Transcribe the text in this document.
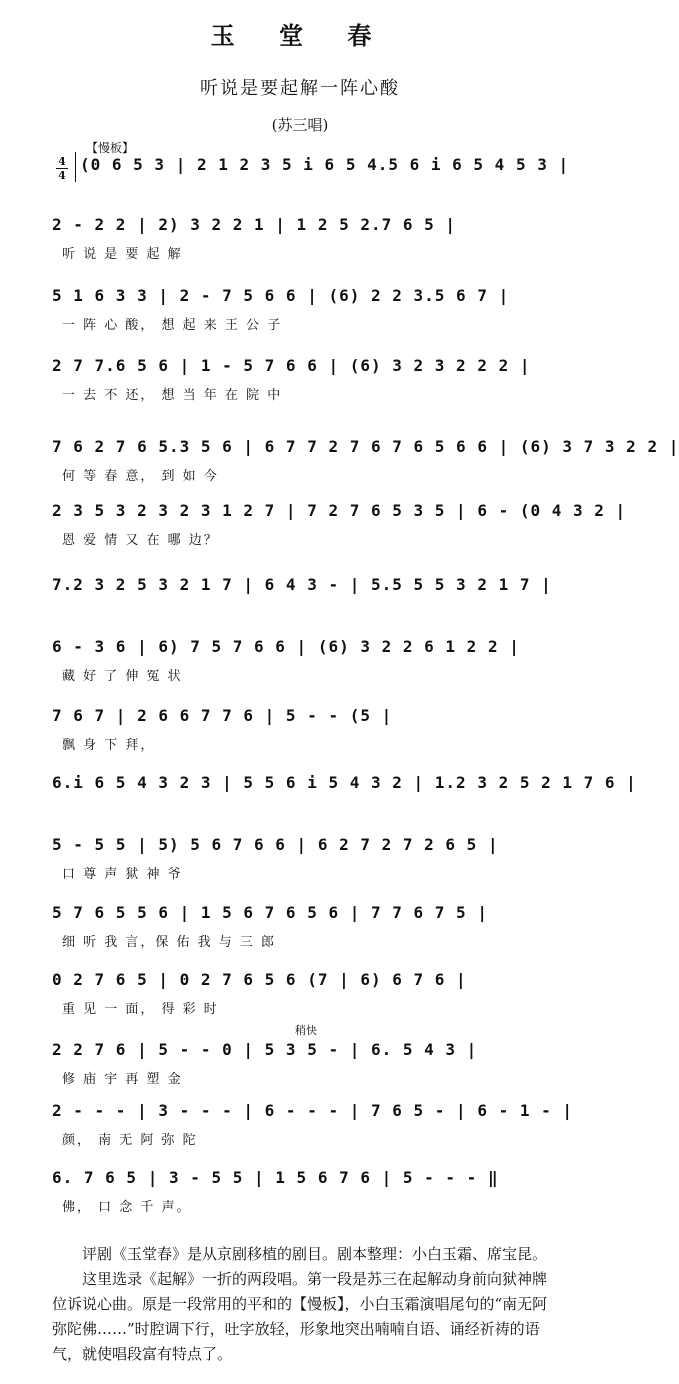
玉 堂 春
听说是要起解一阵心酸
(苏三唱)
【慢板】
4
4
(0 6 5 3 | 2 1 2 3 5 i 6 5 4.5 6 i 6 5 4 5 3 |
2 - 2 2 | 2) 3 2 2 1 | 1 2 5 2.7 6 5 |
听 说 是 要 起 解
5 1 6 3 3 | 2 - 7 5 6 6 | (6) 2 2 3.5 6 7 |
一 阵 心 酸， 想 起 来 王 公 子
2 7 7.6 5 6 | 1 - 5 7 6 6 | (6) 3 2 3 2 2 2 |
一 去 不 还， 想 当 年 在 院 中
7 6 2 7 6 5.3 5 6 | 6 7 7 2 7 6 7 6 5 6 6 | (6) 3 7 3 2 2 |
何 等 春 意， 到 如 今
2 3 5 3 2 3 2 3 1 2 7 | 7 2 7 6 5 3 5 | 6 - (0 4 3 2 |
恩 爱 情 又 在 哪 边？
7.2 3 2 5 3 2 1 7 | 6 4 3 - | 5.5 5 5 3 2 1 7 |
6 - 3 6 | 6) 7 5 7 6 6 | (6) 3 2 2 6 1 2 2 |
藏 好 了 伸 冤 状
7 6 7 | 2 6 6 7 7 6 | 5 - - (5 |
飘 身 下 拜，
6.i 6 5 4 3 2 3 | 5 5 6 i 5 4 3 2 | 1.2 3 2 5 2 1 7 6 |
5 - 5 5 | 5) 5 6 7 6 6 | 6 2 7 2 7 2 6 5 |
口 尊 声 狱 神 爷
5 7 6 5 5 6 | 1 5 6 7 6 5 6 | 7 7 6 7 5 |
细 听 我 言，保 佑 我 与 三 郎
0 2 7 6 5 | 0 2 7 6 5 6 (7 | 6) 6 7 6 |
重 见 一 面， 得 彩 时
2 2 7 6 | 5 - - 0 | 5 3 5 - | 6. 5 4 3 |
修 庙 宇 再 塑 金
2 - - - | 3 - - - | 6 - - - | 7 6 5 - | 6 - 1 - |
颜， 南 无 阿 弥 陀
6. 7 6 5 | 3 - 5 5 | 1 5 6 7 6 | 5 - - - ‖
佛， 口 念 千 声。
稍快

评剧《玉堂春》是从京剧移植的剧目。剧本整理：小白玉霜、席宝昆。

这里选录《起解》一折的两段唱。第一段是苏三在起解动身前向狱神牌位诉说心曲。原是一段常用的平和的【慢板】，小白玉霜演唱尾句的“南无阿弥陀佛……”时腔调下行，吐字放轻，形象地突出喃喃自语、诵经祈祷的语气，就使唱段富有特点了。
